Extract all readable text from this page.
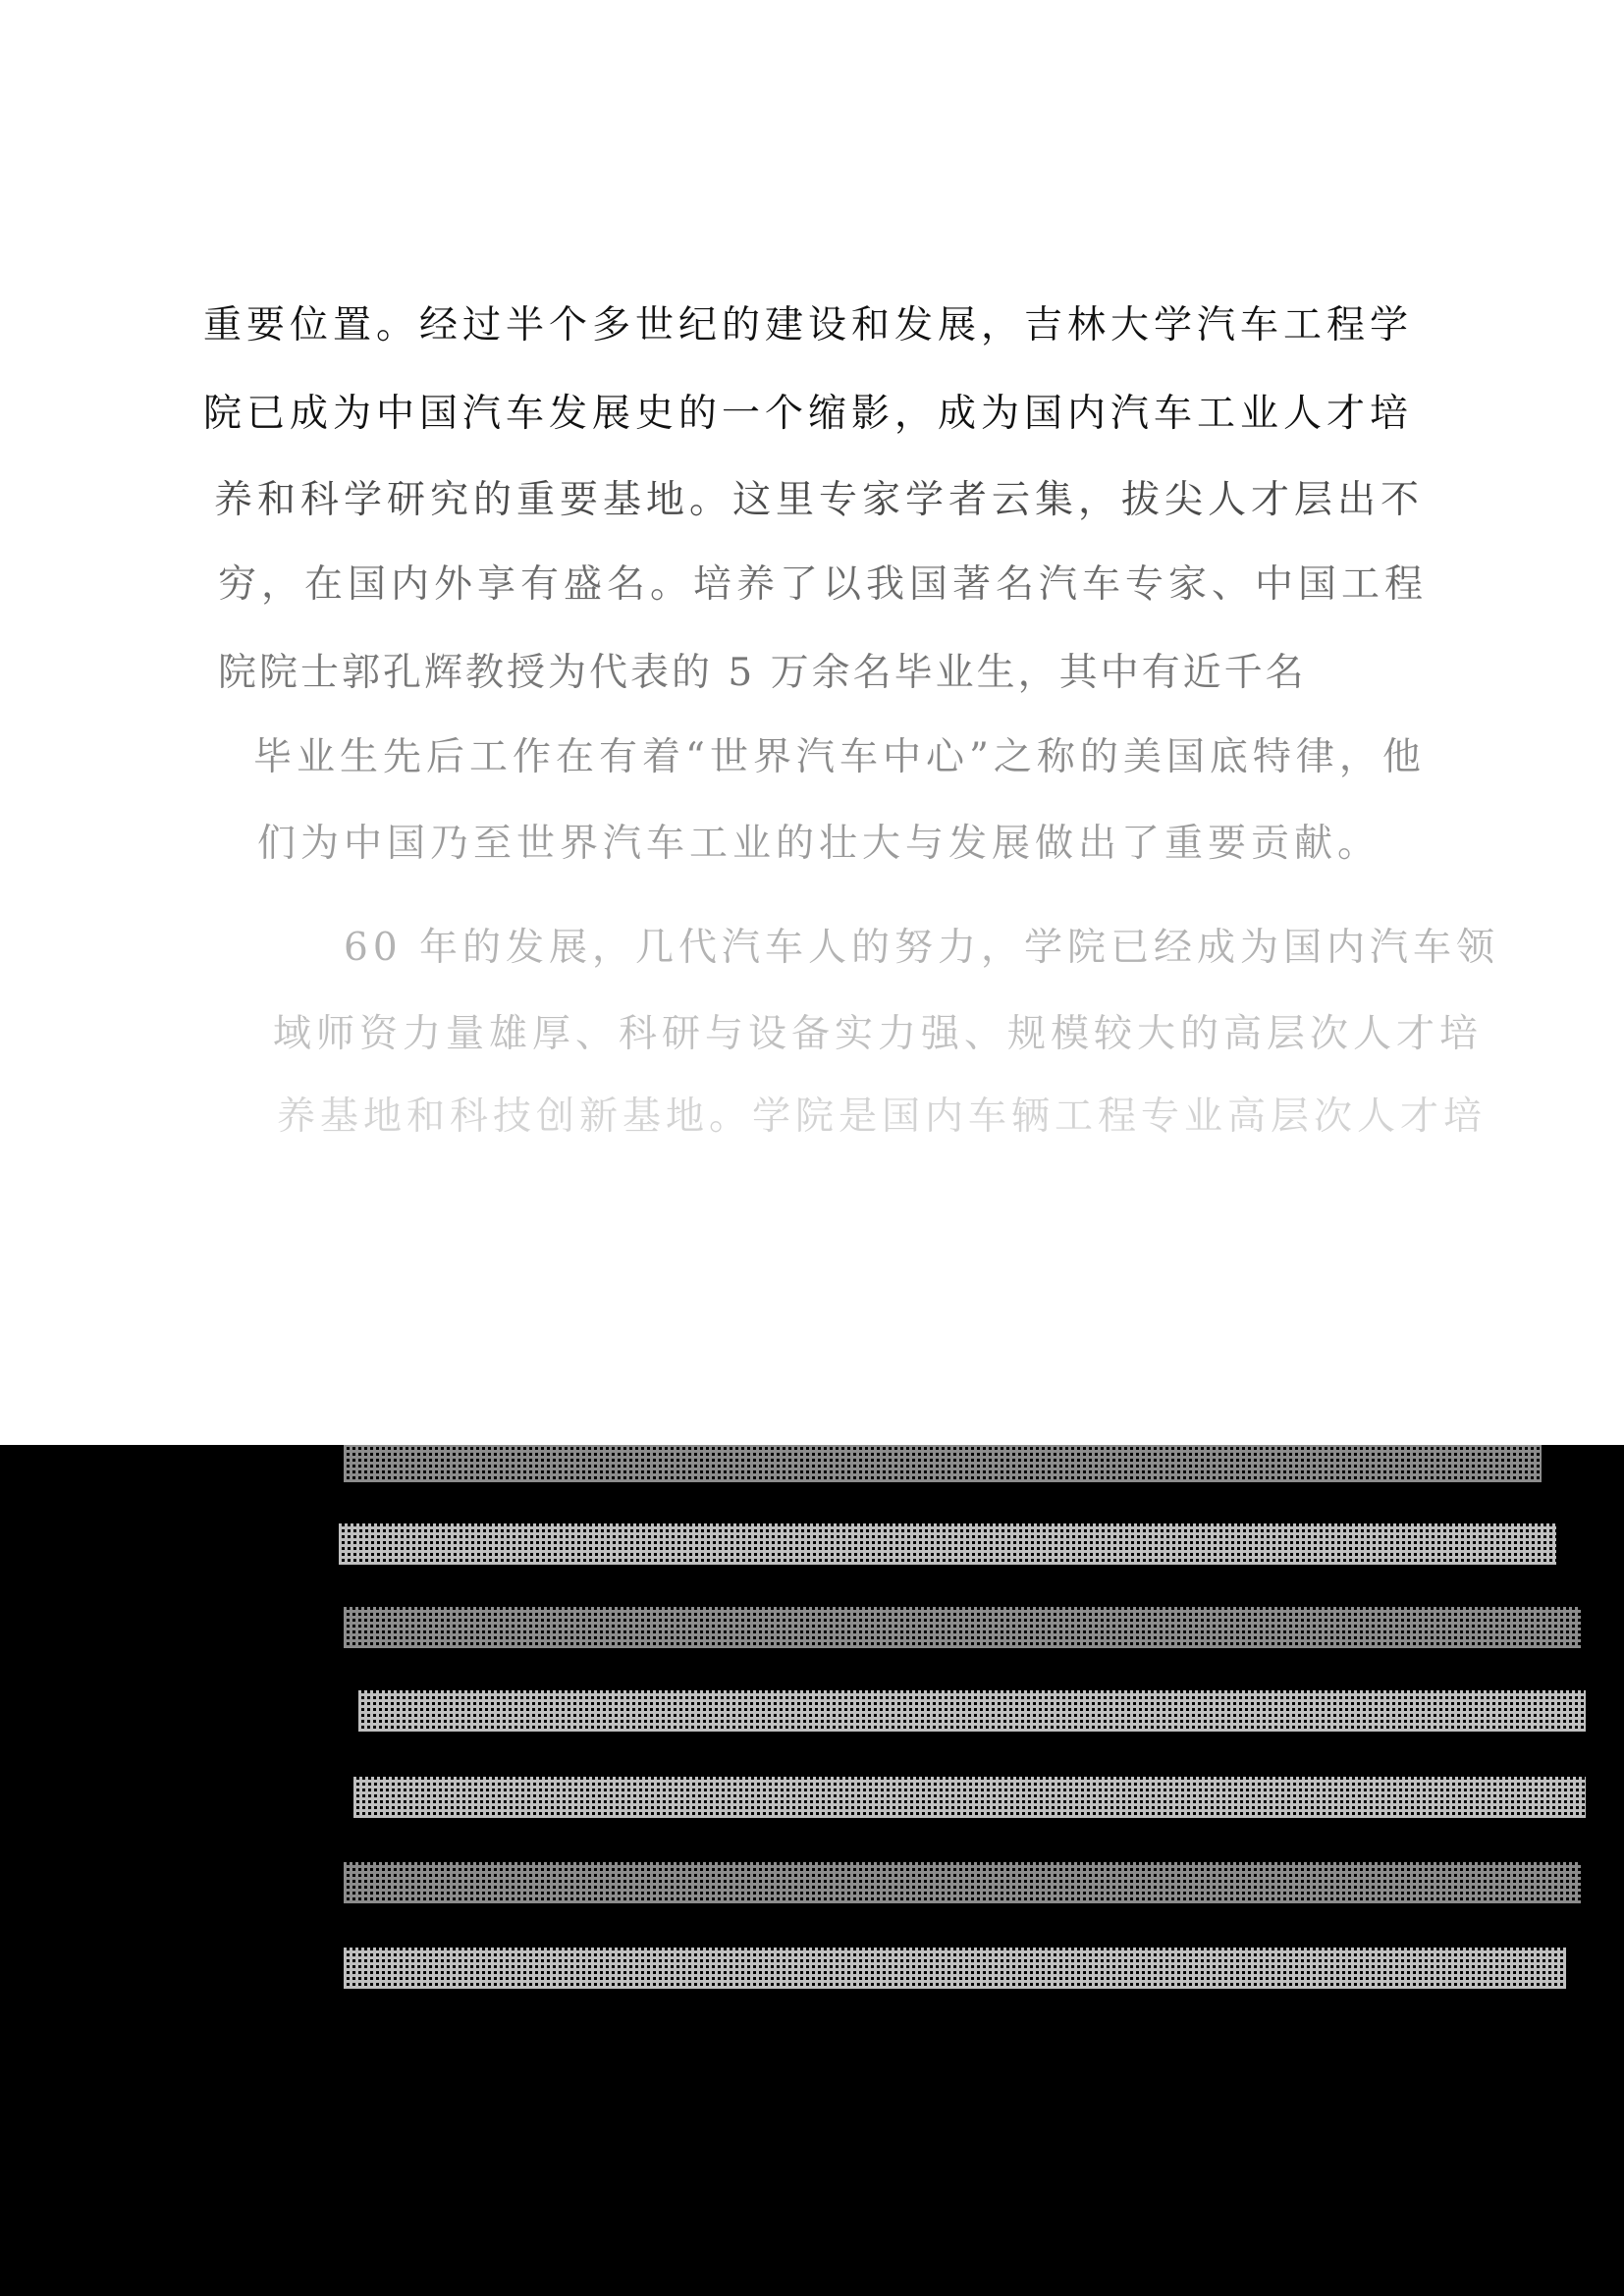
重要位置。经过半个多世纪的建设和发展，吉林大学汽车工程学
院已成为中国汽车发展史的一个缩影，成为国内汽车工业人才培
养和科学研究的重要基地。这里专家学者云集，拔尖人才层出不
穷，在国内外享有盛名。培养了以我国著名汽车专家、中国工程
院院士郭孔辉教授为代表的 5 万余名毕业生，其中有近千名
毕业生先后工作在有着“世界汽车中心”之称的美国底特律，他
们为中国乃至世界汽车工业的壮大与发展做出了重要贡献。
60 年的发展，几代汽车人的努力，学院已经成为国内汽车领
域师资力量雄厚、科研与设备实力强、规模较大的高层次人才培
养基地和科技创新基地。学院是国内车辆工程专业高层次人才培
